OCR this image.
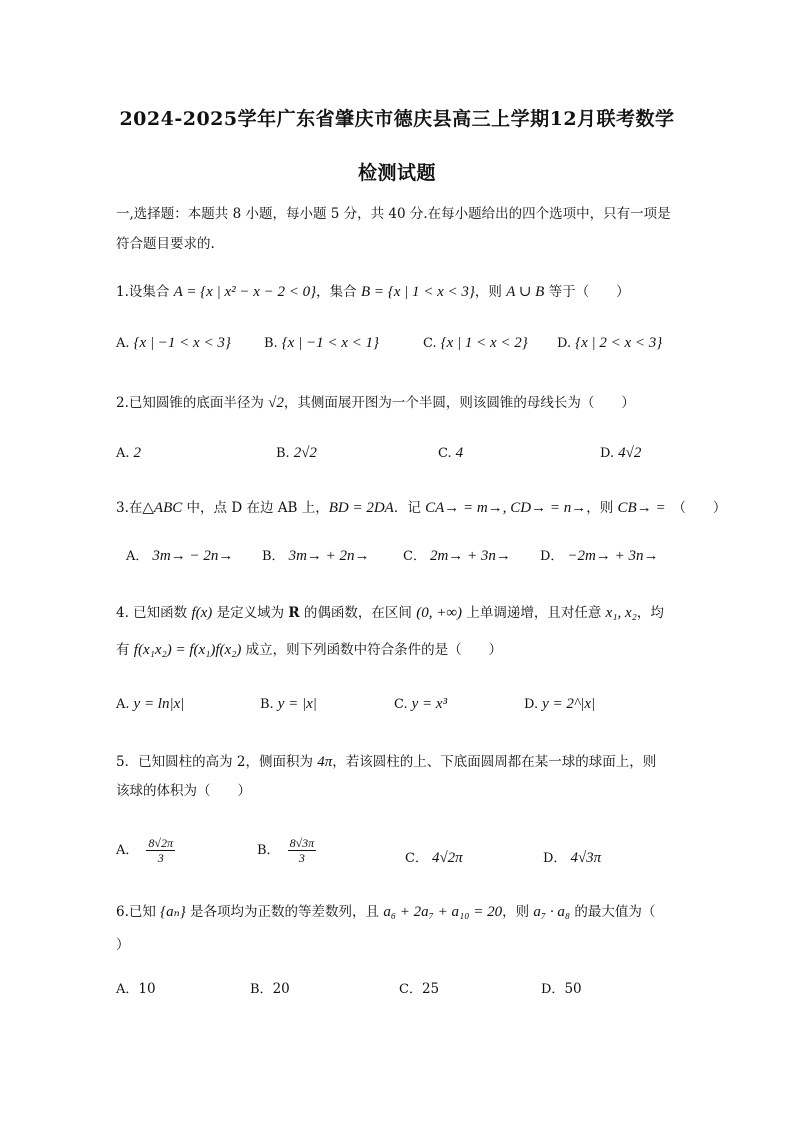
2024-2025学年广东省肇庆市德庆县高三上学期12月联考数学
检测试题
一,选择题：本题共 8 小题，每小题 5 分，共 40 分.在每小题给出的四个选项中，只有一项是
符合题目要求的.
1.设集合 A = {x | x² − x − 2 < 0}，集合 B = {x | 1 < x < 3}，则 A ∪ B 等于（　　）
A. {x | −1 < x < 3}	B. {x | −1 < x < 1}	C. {x | 1 < x < 2} D. {x | 2 < x < 3}
2.已知圆锥的底面半径为 √2，其侧面展开图为一个半圆，则该圆锥的母线长为（　　）
A. 2	B. 2√2	C. 4	D. 4√2
3.在△ABC 中，点 D 在边 AB 上，BD = 2DA．记 CA→ = m→, CD→ = n→，则 CB→ =　（　　）
A． 3m→ − 2n→ B． 3m→ + 2n→	C． 2m→ + 3n→ D． −2m→ + 3n→
4. 已知函数 f(x) 是定义域为 R 的偶函数，在区间 (0, +∞) 上单调递增，且对任意 x₁, x₂，均
有 f(x₁x₂) = f(x₁)f(x₂) 成立，则下列函数中符合条件的是（　　）
A. y = ln|x|	B. y = |x|	C. y = x³	D. y = 2^|x|
5．已知圆柱的高为 2，侧面积为 4π，若该圆柱的上、下底面圆周都在某一球的球面上，则
该球的体积为（　　）
A． $\frac{8√2\pi}{3}$	B． $\frac{8√3\pi}{3}$	C． 4√2π	D． 4√3π
6.已知 {aₙ} 是各项均为正数的等差数列，且 a₆ + 2a₇ + a₁₀ = 20，则 a₇ · a₈ 的最大值为（
）
A．10	B．20	C．25	D．50
